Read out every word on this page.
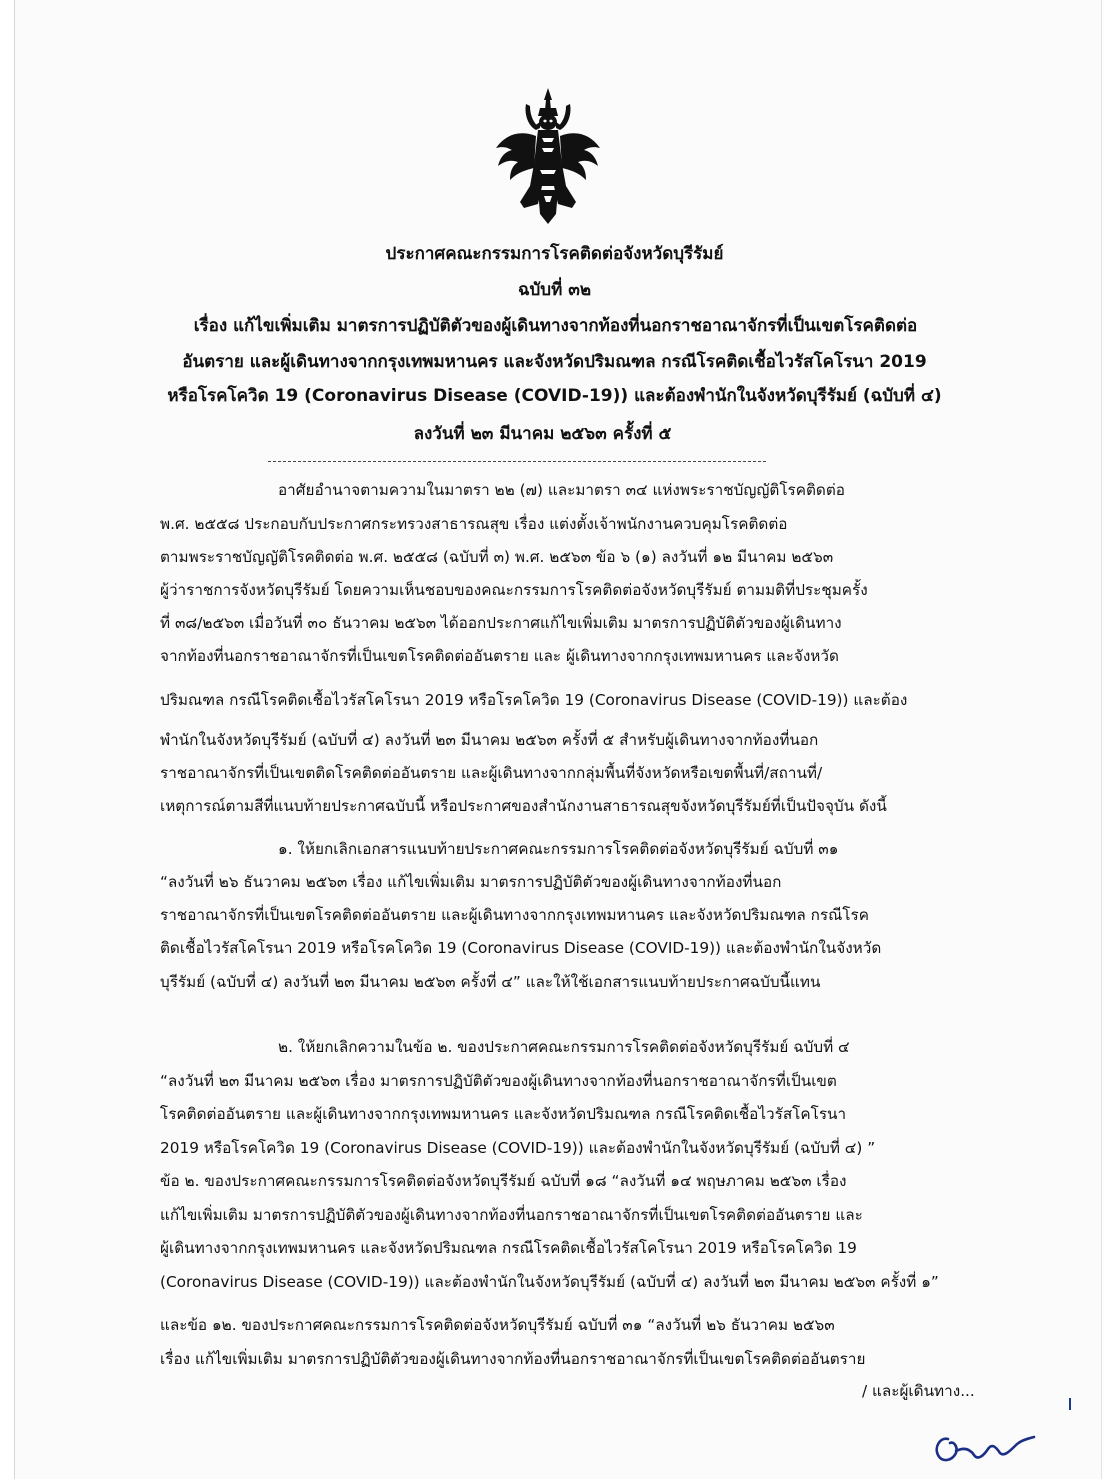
ประกาศคณะกรรมการโรคติดต่อจังหวัดบุรีรัมย์
ฉบับที่ ๓๒
เรื่อง แก้ไขเพิ่มเติม มาตรการปฏิบัติตัวของผู้เดินทางจากท้องที่นอกราชอาณาจักรที่เป็นเขตโรคติดต่อ
อันตราย และผู้เดินทางจากกรุงเทพมหานคร และจังหวัดปริมณฑล กรณีโรคติดเชื้อไวรัสโคโรนา 2019
หรือโรคโควิด 19 (Coronavirus Disease (COVID-19)) และต้องพำนักในจังหวัดบุรีรัมย์ (ฉบับที่ ๔)
ลงวันที่ ๒๓ มีนาคม ๒๕๖๓ ครั้งที่ ๕
อาศัยอำนาจตามความในมาตรา ๒๒ (๗) และมาตรา ๓๔ แห่งพระราชบัญญัติโรคติดต่อ
พ.ศ. ๒๕๕๘ ประกอบกับประกาศกระทรวงสาธารณสุข เรื่อง แต่งตั้งเจ้าพนักงานควบคุมโรคติดต่อ
ตามพระราชบัญญัติโรคติดต่อ พ.ศ. ๒๕๕๘ (ฉบับที่ ๓) พ.ศ. ๒๕๖๓ ข้อ ๖ (๑) ลงวันที่ ๑๒ มีนาคม ๒๕๖๓
ผู้ว่าราชการจังหวัดบุรีรัมย์ โดยความเห็นชอบของคณะกรรมการโรคติดต่อจังหวัดบุรีรัมย์ ตามมติที่ประชุมครั้ง
ที่ ๓๘/๒๕๖๓ เมื่อวันที่ ๓๐ ธันวาคม ๒๕๖๓ ได้ออกประกาศแก้ไขเพิ่มเติม มาตรการปฏิบัติตัวของผู้เดินทาง
จากท้องที่นอกราชอาณาจักรที่เป็นเขตโรคติดต่ออันตราย และ ผู้เดินทางจากกรุงเทพมหานคร และจังหวัด
ปริมณฑล กรณีโรคติดเชื้อไวรัสโคโรนา 2019 หรือโรคโควิด 19 (Coronavirus Disease (COVID-19)) และต้อง
พำนักในจังหวัดบุรีรัมย์ (ฉบับที่ ๔) ลงวันที่ ๒๓ มีนาคม ๒๕๖๓ ครั้งที่ ๕ สำหรับผู้เดินทางจากท้องที่นอก
ราชอาณาจักรที่เป็นเขตติดโรคติดต่ออันตราย และผู้เดินทางจากกลุ่มพื้นที่จังหวัดหรือเขตพื้นที่/สถานที่/
เหตุการณ์ตามสีที่แนบท้ายประกาศฉบับนี้ หรือประกาศของสำนักงานสาธารณสุขจังหวัดบุรีรัมย์ที่เป็นปัจจุบัน ดังนี้
๑. ให้ยกเลิกเอกสารแนบท้ายประกาศคณะกรรมการโรคติดต่อจังหวัดบุรีรัมย์ ฉบับที่ ๓๑
“ลงวันที่ ๒๖ ธันวาคม ๒๕๖๓ เรื่อง แก้ไขเพิ่มเติม มาตรการปฏิบัติตัวของผู้เดินทางจากท้องที่นอก
ราชอาณาจักรที่เป็นเขตโรคติดต่ออันตราย และผู้เดินทางจากกรุงเทพมหานคร และจังหวัดปริมณฑล กรณีโรค
ติดเชื้อไวรัสโคโรนา 2019 หรือโรคโควิด 19 (Coronavirus Disease (COVID-19)) และต้องพำนักในจังหวัด
บุรีรัมย์ (ฉบับที่ ๔) ลงวันที่ ๒๓ มีนาคม ๒๕๖๓ ครั้งที่ ๔” และให้ใช้เอกสารแนบท้ายประกาศฉบับนี้แทน
๒. ให้ยกเลิกความในข้อ ๒. ของประกาศคณะกรรมการโรคติดต่อจังหวัดบุรีรัมย์ ฉบับที่ ๔
“ลงวันที่ ๒๓ มีนาคม ๒๕๖๓ เรื่อง มาตรการปฏิบัติตัวของผู้เดินทางจากท้องที่นอกราชอาณาจักรที่เป็นเขต
โรคติดต่ออันตราย และผู้เดินทางจากกรุงเทพมหานคร และจังหวัดปริมณฑล กรณีโรคติดเชื้อไวรัสโคโรนา
2019 หรือโรคโควิด 19 (Coronavirus Disease (COVID-19)) และต้องพำนักในจังหวัดบุรีรัมย์ (ฉบับที่ ๔) ”
ข้อ ๒. ของประกาศคณะกรรมการโรคติดต่อจังหวัดบุรีรัมย์ ฉบับที่ ๑๘ “ลงวันที่ ๑๔ พฤษภาคม ๒๕๖๓ เรื่อง
แก้ไขเพิ่มเติม มาตรการปฏิบัติตัวของผู้เดินทางจากท้องที่นอกราชอาณาจักรที่เป็นเขตโรคติดต่ออันตราย และ
ผู้เดินทางจากกรุงเทพมหานคร และจังหวัดปริมณฑล กรณีโรคติดเชื้อไวรัสโคโรนา 2019 หรือโรคโควิด 19
(Coronavirus Disease (COVID-19)) และต้องพำนักในจังหวัดบุรีรัมย์ (ฉบับที่ ๔) ลงวันที่ ๒๓ มีนาคม ๒๕๖๓ ครั้งที่ ๑”
และข้อ ๑๒. ของประกาศคณะกรรมการโรคติดต่อจังหวัดบุรีรัมย์ ฉบับที่ ๓๑ “ลงวันที่ ๒๖ ธันวาคม ๒๕๖๓
เรื่อง แก้ไขเพิ่มเติม มาตรการปฏิบัติตัวของผู้เดินทางจากท้องที่นอกราชอาณาจักรที่เป็นเขตโรคติดต่ออันตราย
/ และผู้เดินทาง...
